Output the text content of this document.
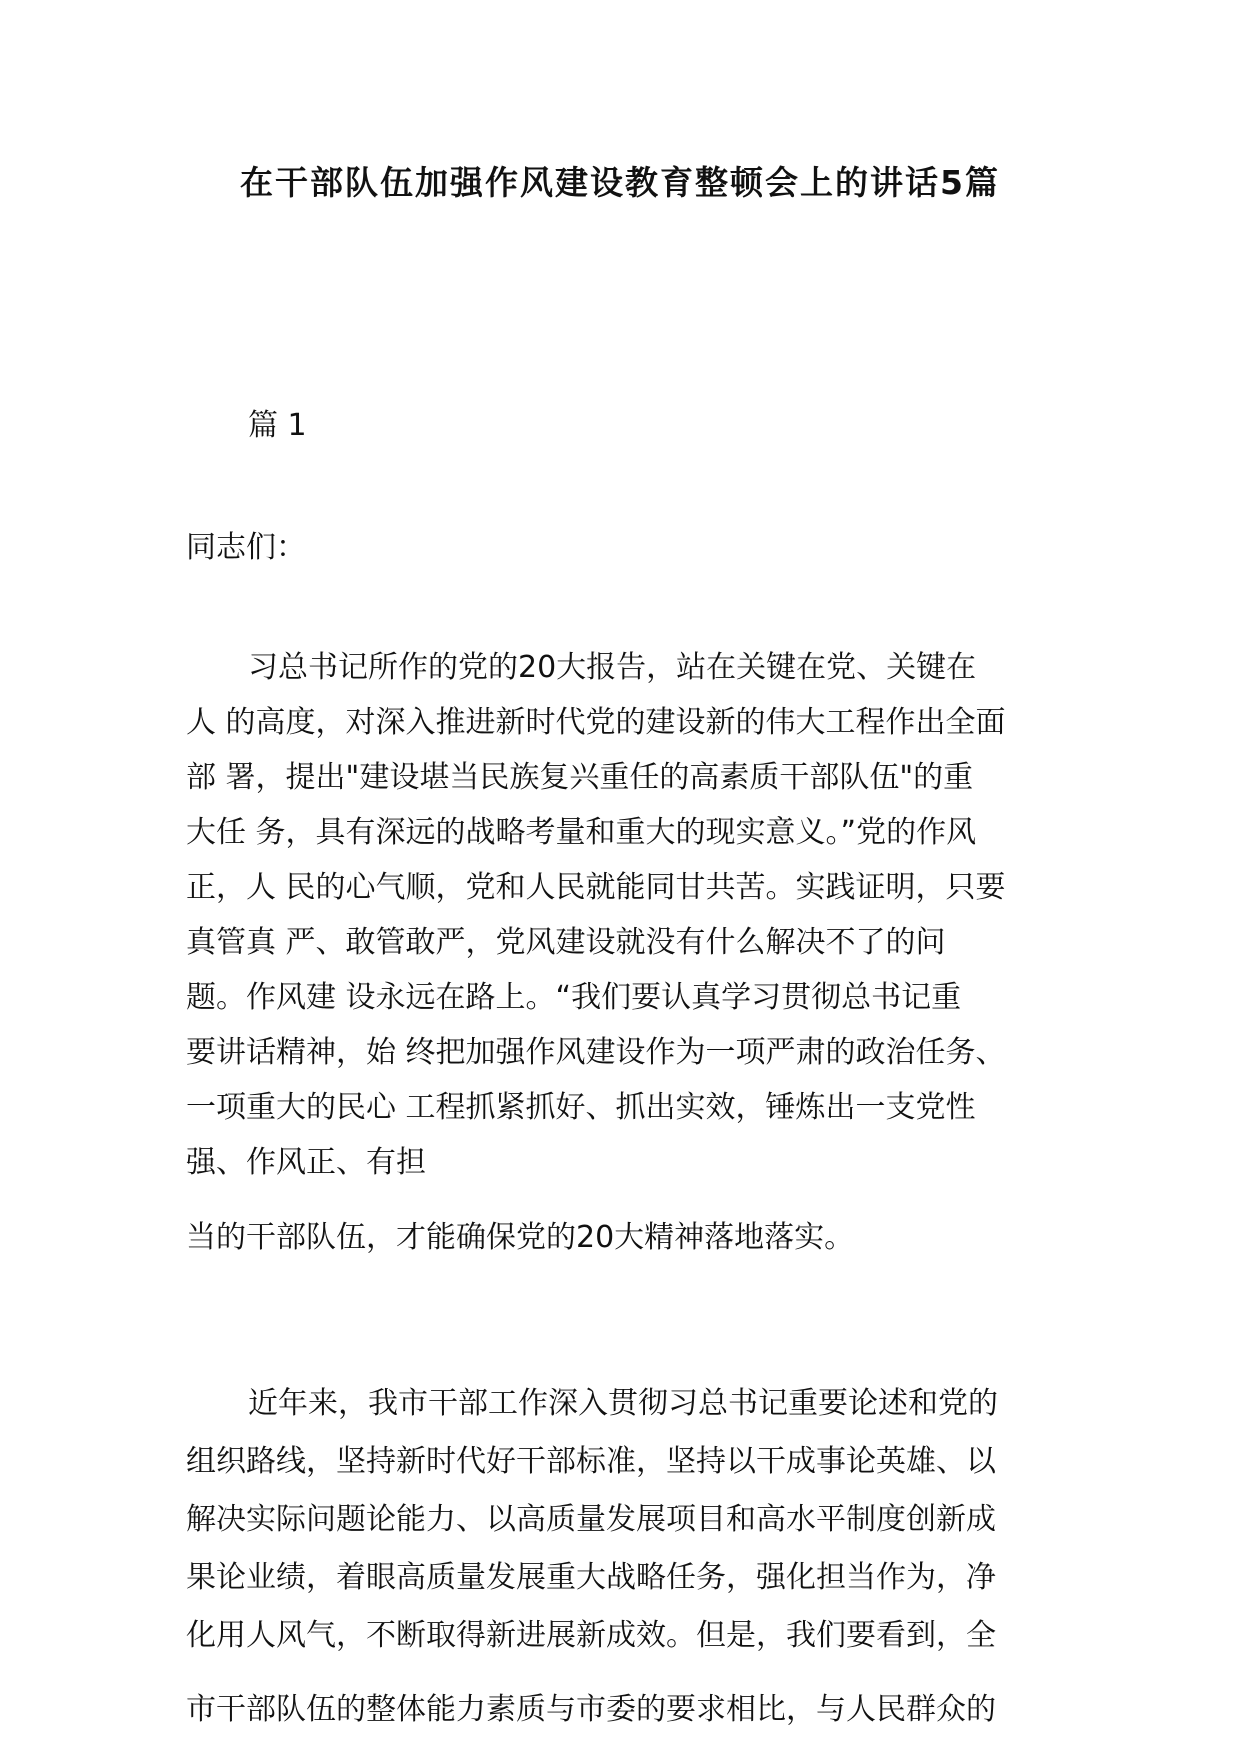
在干部队伍加强作风建设教育整顿会上的讲话5篇
篇 1
同志们：
习总书记所作的党的20大报告，站在关键在党、关键在
人 的高度，对深入推进新时代党的建设新的伟大工程作出全面
部 署，提出"建设堪当民族复兴重任的高素质干部队伍"的重
大任 务，具有深远的战略考量和重大的现实意义。”党的作风
正，人 民的心气顺，党和人民就能同甘共苦。实践证明，只要
真管真 严、敢管敢严，党风建设就没有什么解决不了的问
题。作风建 设永远在路上。“我们要认真学习贯彻总书记重
要讲话精神，始 终把加强作风建设作为一项严肃的政治任务、
一项重大的民心 工程抓紧抓好、抓出实效，锤炼出一支党性
强、作风正、有担
当的干部队伍，才能确保党的20大精神落地落实。
近年来，我市干部工作深入贯彻习总书记重要论述和党的
组织路线，坚持新时代好干部标准，坚持以干成事论英雄、以
解决实际问题论能力、以高质量发展项目和高水平制度创新成
果论业绩，着眼高质量发展重大战略任务，强化担当作为，净
化用人风气，不断取得新进展新成效。但是，我们要看到，全
市干部队伍的整体能力素质与市委的要求相比，与人民群众的
